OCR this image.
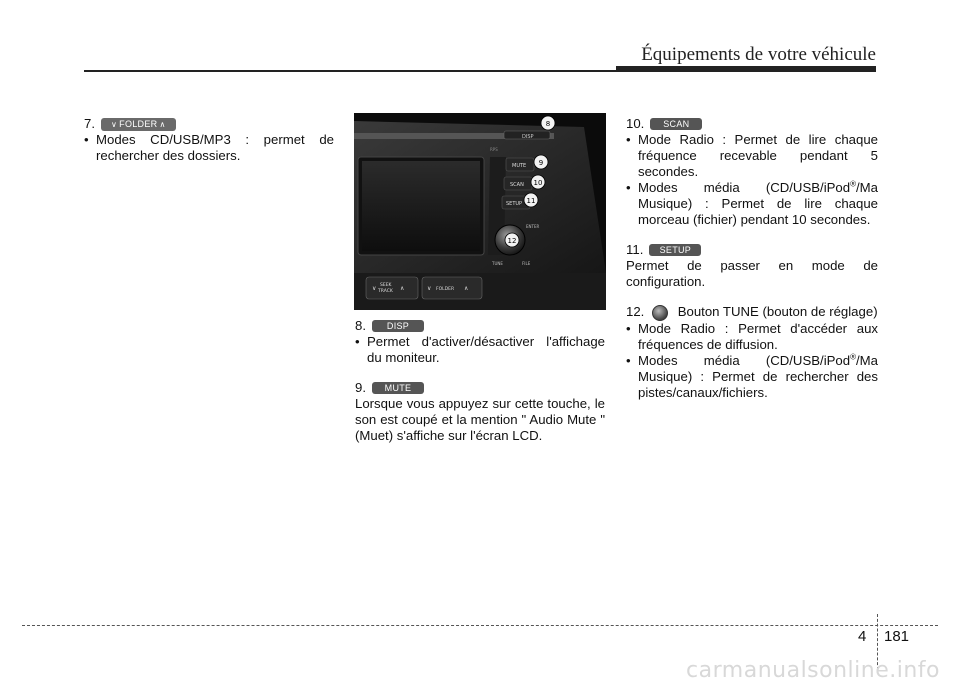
Équipements de votre véhicule

7.	∨ FOLDER ∧

• Modes CD/USB/MP3 : permet de rechercher des dossiers.
DISP
RPS
MUTE
SCAN
SETUP
ENTER
TUNE	FILE
SEEK
TRACK
∨	∧	FOLDER
∨	∧
8
9
10
11
12

8.	DISP

• Permet d'activer/désactiver l'affichage du moniteur.

9.	MUTE

Lorsque vous appuyez sur cette touche, le son est coupé et la mention " Audio Mute " (Muet) s'affiche sur l'écran LCD.

10.	SCAN

• Mode Radio : Permet de lire chaque fréquence recevable pendant 5 secondes.
• Modes média (CD/USB/iPod®/Ma Musique) : Permet de lire chaque morceau (fichier) pendant 10 secondes.

11.	SETUP

Permet de passer en mode de configuration.

12.	Bouton TUNE (bouton de réglage)

• Mode Radio : Permet d'accéder aux fréquences de diffusion.
• Modes média (CD/USB/iPod®/Ma Musique) : Permet de rechercher des pistes/canaux/fichiers.
4 181
carmanualsonline.info
